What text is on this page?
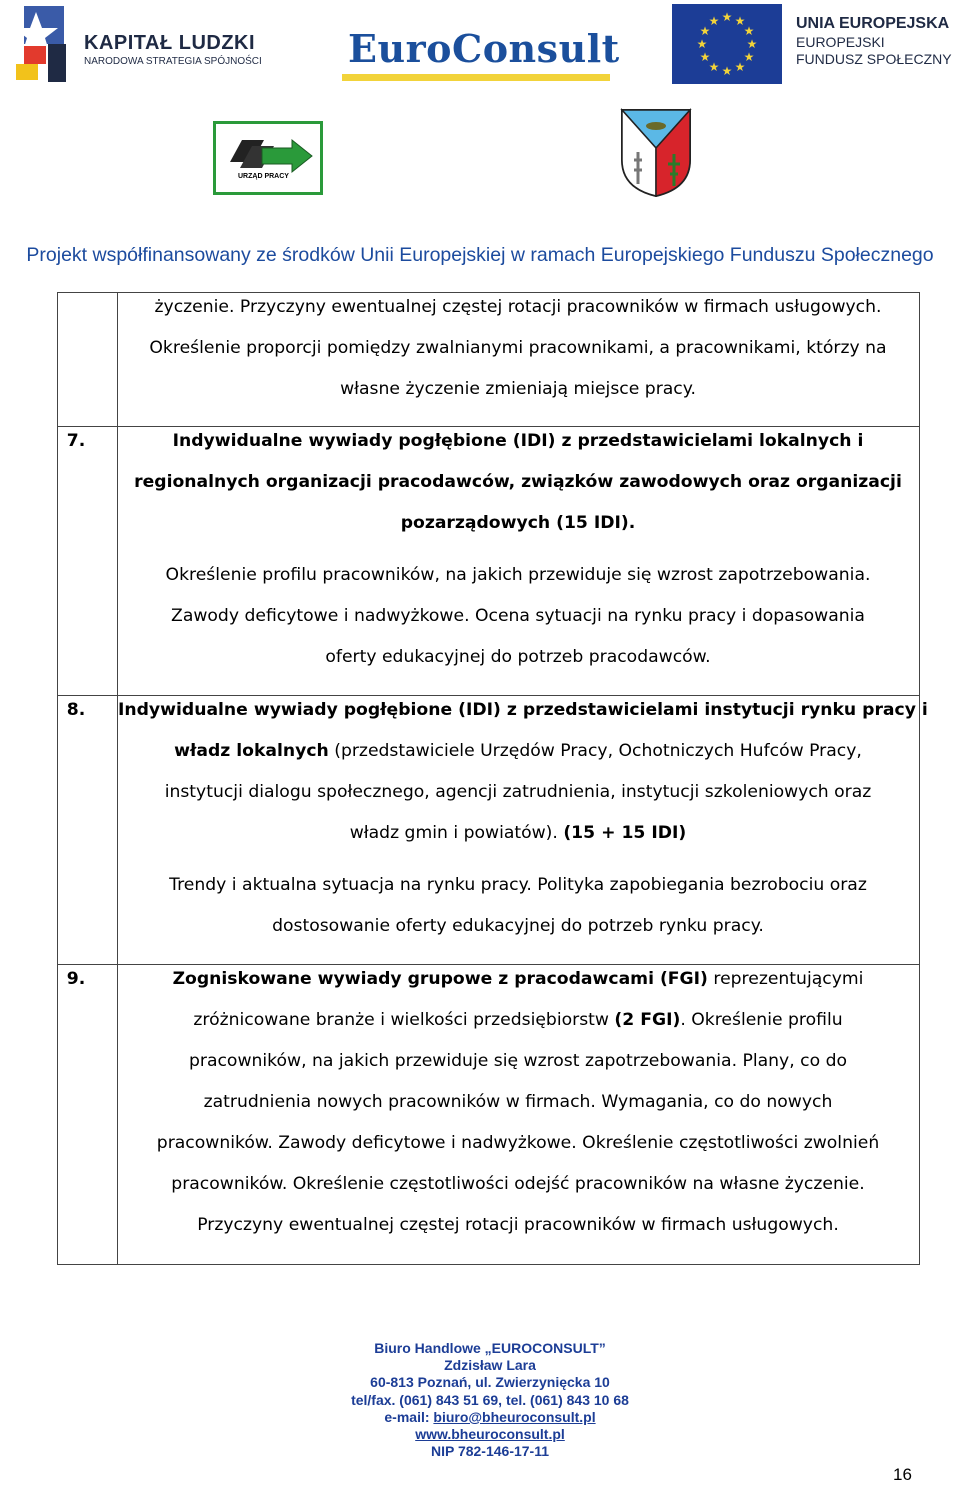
KAPITAŁ LUDZKI
NARODOWA STRATEGIA SPÓJNOŚCI EuroConsult
★ ★
★
★
★
★
★
★
★
★
★
★	UNIA EUROPEJSKA
EUROPEJSKI
FUNDUSZ SPOŁECZNY
URZĄD PRACY
Projekt współfinansowany ze środków Unii Europejskiej w ramach Europejskiego Funduszu Społecznego
życzenie. Przyczyny ewentualnej częstej rotacji pracowników w firmach usługowych.
Określenie proporcji pomiędzy zwalnianymi pracownikami, a pracownikami, którzy na
własne życzenie zmieniają miejsce pracy.
7.	Indywidualne wywiady pogłębione (IDI) z przedstawicielami lokalnych i
regionalnych organizacji pracodawców, związków zawodowych oraz organizacji
pozarządowych (15 IDI).
Określenie profilu pracowników, na jakich przewiduje się wzrost zapotrzebowania.
Zawody deficytowe i nadwyżkowe. Ocena sytuacji na rynku pracy i dopasowania
oferty edukacyjnej do potrzeb pracodawców.
8.	Indywidualne wywiady pogłębione (IDI) z przedstawicielami instytucji rynku pracy i
władz lokalnych (przedstawiciele Urzędów Pracy, Ochotniczych Hufców Pracy,
instytucji dialogu społecznego, agencji zatrudnienia, instytucji szkoleniowych oraz
władz gmin i powiatów). (15 + 15 IDI)
Trendy i aktualna sytuacja na rynku pracy. Polityka zapobiegania bezrobociu oraz
dostosowanie oferty edukacyjnej do potrzeb rynku pracy.
9.	Zogniskowane wywiady grupowe z pracodawcami (FGI) reprezentującymi
zróżnicowane branże i wielkości przedsiębiorstw (2 FGI). Określenie profilu
pracowników, na jakich przewiduje się wzrost zapotrzebowania. Plany, co do
zatrudnienia nowych pracowników w firmach. Wymagania, co do nowych
pracowników. Zawody deficytowe i nadwyżkowe. Określenie częstotliwości zwolnień
pracowników. Określenie częstotliwości odejść pracowników na własne życzenie.
Przyczyny ewentualnej częstej rotacji pracowników w firmach usługowych.
Biuro Handlowe „EUROCONSULT”
Zdzisław Lara
60-813 Poznań, ul. Zwierzynięcka 10
tel/fax. (061) 843 51 69, tel. (061) 843 10 68
e-mail: biuro@bheuroconsult.pl
www.bheuroconsult.pl
NIP 782-146-17-11
16
